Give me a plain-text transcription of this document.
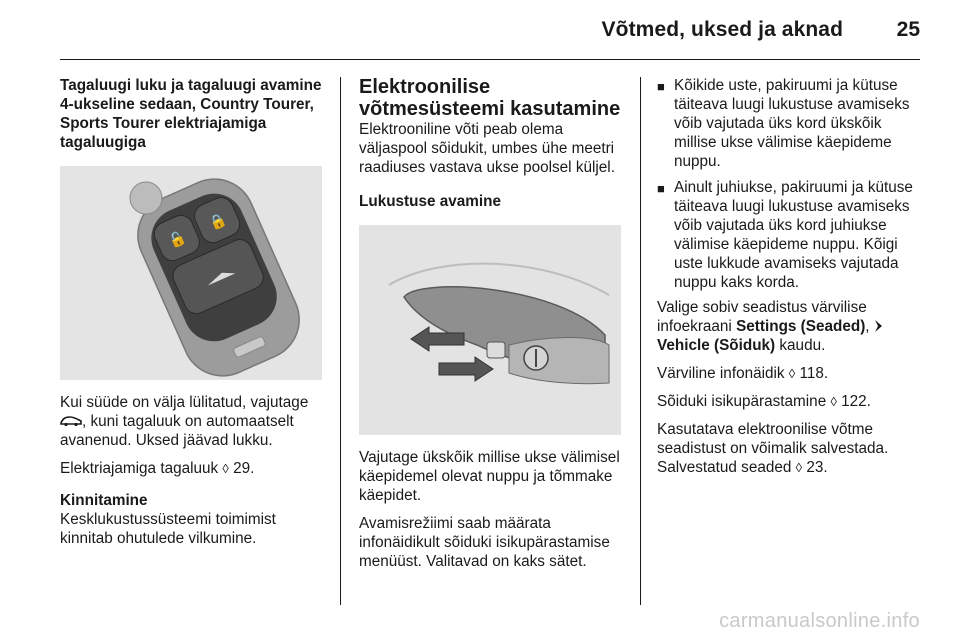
Võtmed, uksed ja aknad	25
Tagaluugi luku ja tagaluugi avamine 4-ukseline sedaan, Country Tourer, Sports Tourer elektriajamiga tagaluugiga
🔓
🔒
Kui süüde on välja lülitatud, vajutage , kuni tagaluuk on automaatselt avanenud. Uksed jäävad lukku.
Elektriajamiga tagaluuk ◊ 29.
Kinnitamine
Kesklukustussüsteemi toimimist kinnitab ohutulede vilkumine.
Elektroonilise võtmesüsteemi kasutamine
Elektrooniline võti peab olema väljaspool sõidukit, umbes ühe meetri raadiuses vastava ukse poolsel küljel.
Lukustuse avamine
Vajutage ükskõik millise ukse välimisel käepidemel olevat nuppu ja tõmmake käepidet.
Avamisrežiimi saab määrata infonäidikult sõiduki isikupärastamise menüüst. Valitavad on kaks sätet.
■ Kõikide uste, pakiruumi ja kütuse täiteava luugi lukustuse avamiseks võib vajutada üks kord ükskõik millise ukse välimise käepideme nuppu.
■ Ainult juhiukse, pakiruumi ja kütuse täiteava luugi lukustuse avamiseks võib vajutada üks kord juhiukse välimise käepideme nuppu. Kõigi uste lukkude avamiseks vajutada nuppu kaks korda.
Valige sobiv seadistus värvilise infoekraani Settings (Seaded),  Vehicle (Sõiduk) kaudu.
Värviline infonäidik ◊ 118.
Sõiduki isikupärastamine ◊ 122.
Kasutatava elektroonilise võtme seadistust on võimalik salvestada. Salvestatud seaded ◊ 23.
carmanualsonline.info
